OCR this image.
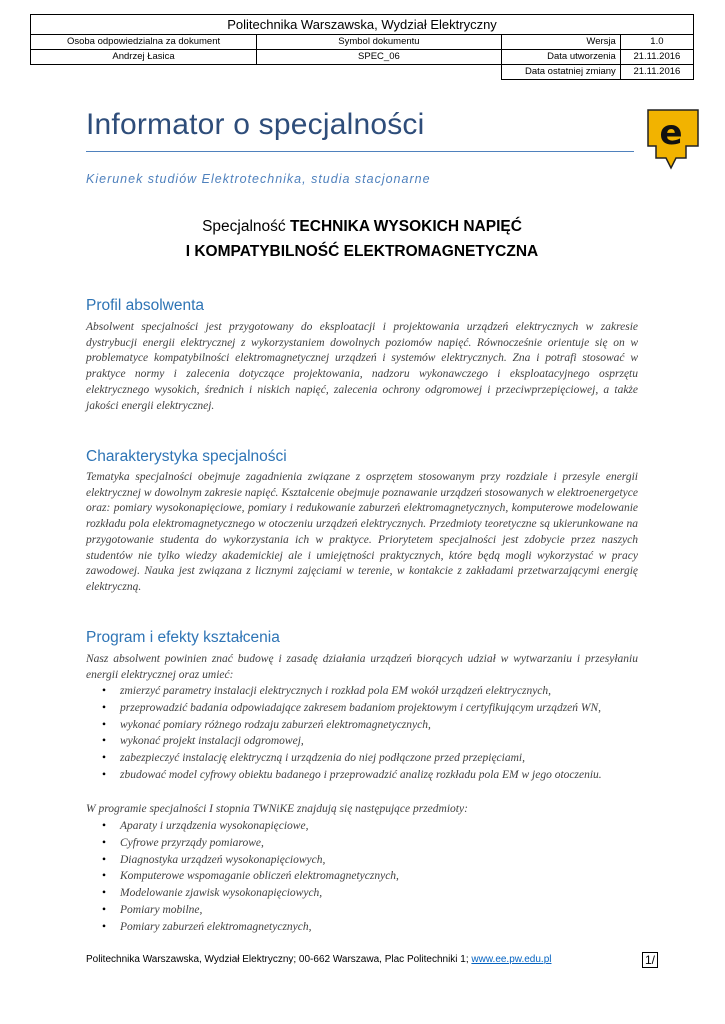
Politechnika Warszawska, Wydział Elektryczny			
Osoba odpowiedzialna za dokument	Symbol dokumentu	Wersja	1.0
Andrzej Łasica	SPEC_06	Data utworzenia	21.11.2016
		Data ostatniej zmiany	21.11.2016
Informator o specjalności	e
Kierunek studiów Elektrotechnika, studia stacjonarne
Specjalność TECHNIKA WYSOKICH NAPIĘĆ
I KOMPATYBILNOŚĆ ELEKTROMAGNETYCZNA
Profil absolwenta
Absolwent specjalności jest przygotowany do eksploatacji i projektowania urządzeń elektrycznych w zakresie dystrybucji energii elektrycznej z wykorzystaniem dowolnych poziomów napięć. Równocześnie orientuje się on w problematyce kompatybilności elektromagnetycznej urządzeń i systemów elektrycznych. Zna i potrafi stosować w praktyce normy i zalecenia dotyczące projektowania, nadzoru wykonawczego i eksploatacyjnego osprzętu elektrycznego wysokich, średnich i niskich napięć, zalecenia ochrony odgromowej i przeciwprzepięciowej, a także jakości energii elektrycznej.
Charakterystyka specjalności
Tematyka specjalności obejmuje zagadnienia związane z osprzętem stosowanym przy rozdziale i przesyle energii elektrycznej w dowolnym zakresie napięć. Kształcenie obejmuje poznawanie urządzeń stosowanych w elektroenergetyce oraz: pomiary wysokonapięciowe, pomiary i redukowanie zaburzeń elektromagnetycznych, komputerowe modelowanie rozkładu pola elektromagnetycznego w otoczeniu urządzeń elektrycznych. Przedmioty teoretyczne są ukierunkowane na przygotowanie studenta do wykorzystania ich w praktyce. Priorytetem specjalności jest zdobycie przez naszych studentów nie tylko wiedzy akademickiej ale i umiejętności praktycznych, które będą mogli wykorzystać w pracy zawodowej. Nauka jest związana z licznymi zajęciami w terenie, w kontakcie z zakładami przetwarzającymi energię elektryczną.
Program i efekty kształcenia
Nasz absolwent powinien znać budowę i zasadę działania urządzeń biorących udział w wytwarzaniu i przesyłaniu energii elektrycznej oraz umieć:
• zmierzyć parametry instalacji elektrycznych i rozkład pola EM wokół urządzeń elektrycznych,
• przeprowadzić badania odpowiadające zakresem badaniom projektowym i certyfikującym urządzeń WN,
• wykonać pomiary różnego rodzaju zaburzeń elektromagnetycznych,
• wykonać projekt instalacji odgromowej,
• zabezpieczyć instalację elektryczną i urządzenia do niej podłączone przed przepięciami,
• zbudować model cyfrowy obiektu badanego i przeprowadzić analizę rozkładu pola EM w jego otoczeniu.
W programie specjalności I stopnia TWNiKE znajdują się następujące przedmioty:
• Aparaty i urządzenia wysokonapięciowe,
• Cyfrowe przyrządy pomiarowe,
• Diagnostyka urządzeń wysokonapięciowych,
• Komputerowe wspomaganie obliczeń elektromagnetycznych,
• Modelowanie zjawisk wysokonapięciowych,
• Pomiary mobilne,
• Pomiary zaburzeń elektromagnetycznych,
Politechnika Warszawska, Wydział Elektryczny; 00-662 Warszawa, Plac Politechniki 1; www.ee.pw.edu.pl	1/
